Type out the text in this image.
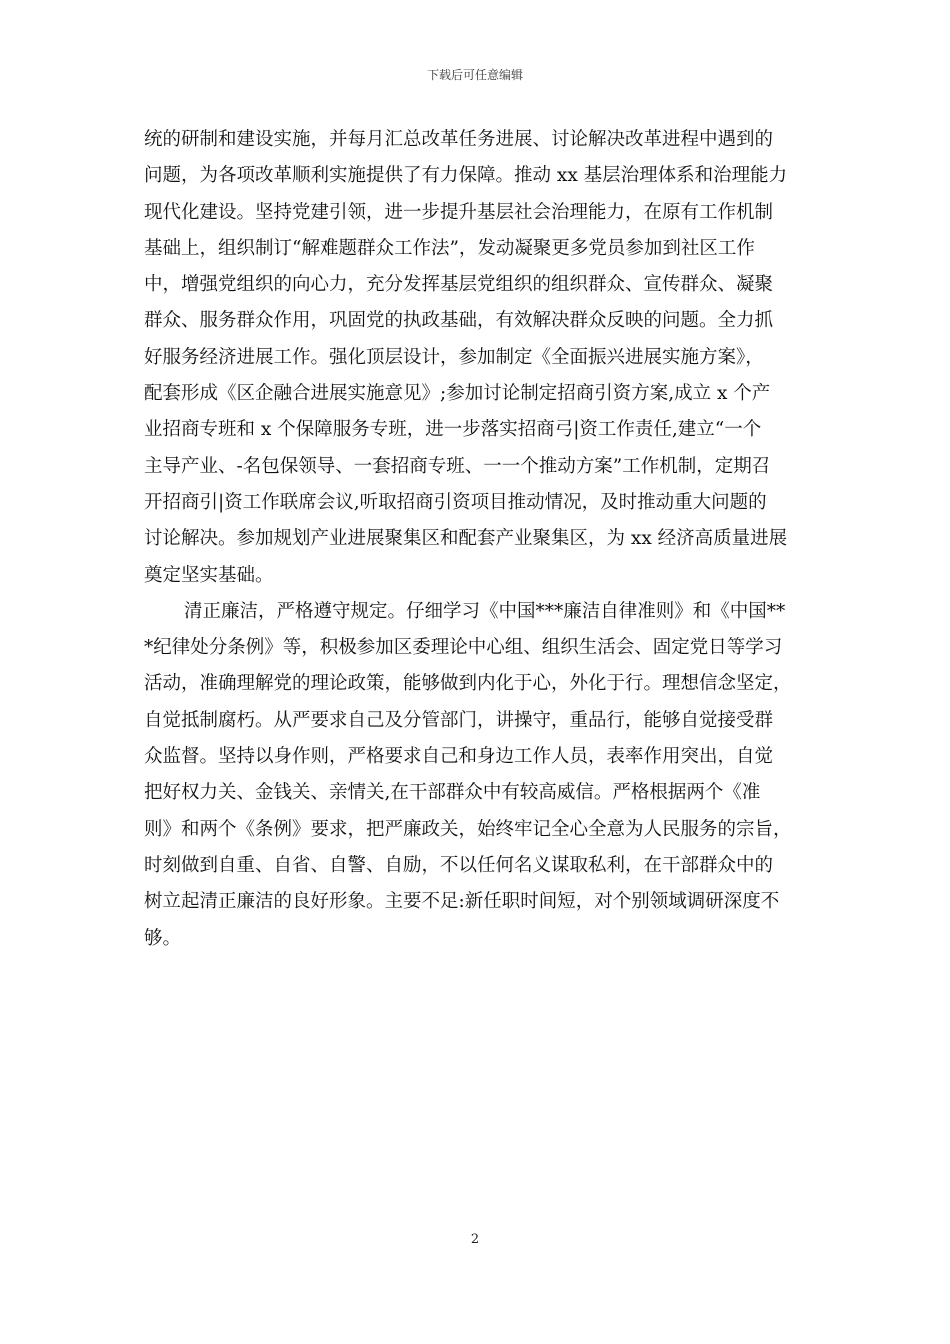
下载后可任意编辑
统的研制和建设实施，并每月汇总改革任务进展、讨论解决改革进程中遇到的
问题，为各项改革顺利实施提供了有力保障。推动 xx 基层治理体系和治理能力
现代化建设。坚持党建引领，进一步提升基层社会治理能力，在原有工作机制
基础上，组织制订“解难题群众工作法”，发动凝聚更多党员参加到社区工作
中，增强党组织的向心力，充分发挥基层党组织的组织群众、宣传群众、凝聚
群众、服务群众作用，巩固党的执政基础，有效解决群众反映的问题。全力抓
好服务经济进展工作。强化顶层设计，参加制定《全面振兴进展实施方案》，
配套形成《区企融合进展实施意见》;参加讨论制定招商引资方案,成立 x 个产
业招商专班和 x 个保障服务专班，进一步落实招商弓|资工作责任,建立“一个
主导产业、-名包保领导、一套招商专班、一一个推动方案”工作机制，定期召
开招商引|资工作联席会议,听取招商引资项目推动情况，及时推动重大问题的
讨论解决。参加规划产业进展聚集区和配套产业聚集区，为 xx 经济高质量进展
奠定坚实基础。
清正廉洁，严格遵守规定。仔细学习《中国***廉洁自律准则》和《中国**
*纪律处分条例》等，积极参加区委理论中心组、组织生活会、固定党日等学习
活动，准确理解党的理论政策，能够做到内化于心，外化于行。理想信念坚定，
自觉抵制腐朽。从严要求自己及分管部门，讲操守，重品行，能够自觉接受群
众监督。坚持以身作则，严格要求自己和身边工作人员，表率作用突出，自觉
把好权力关、金钱关、亲情关,在干部群众中有较高威信。严格根据两个《准
则》和两个《条例》要求，把严廉政关，始终牢记全心全意为人民服务的宗旨，
时刻做到自重、自省、自警、自励，不以任何名义谋取私利，在干部群众中的
树立起清正廉洁的良好形象。主要不足:新任职时间短，对个别领域调研深度不
够。
2
